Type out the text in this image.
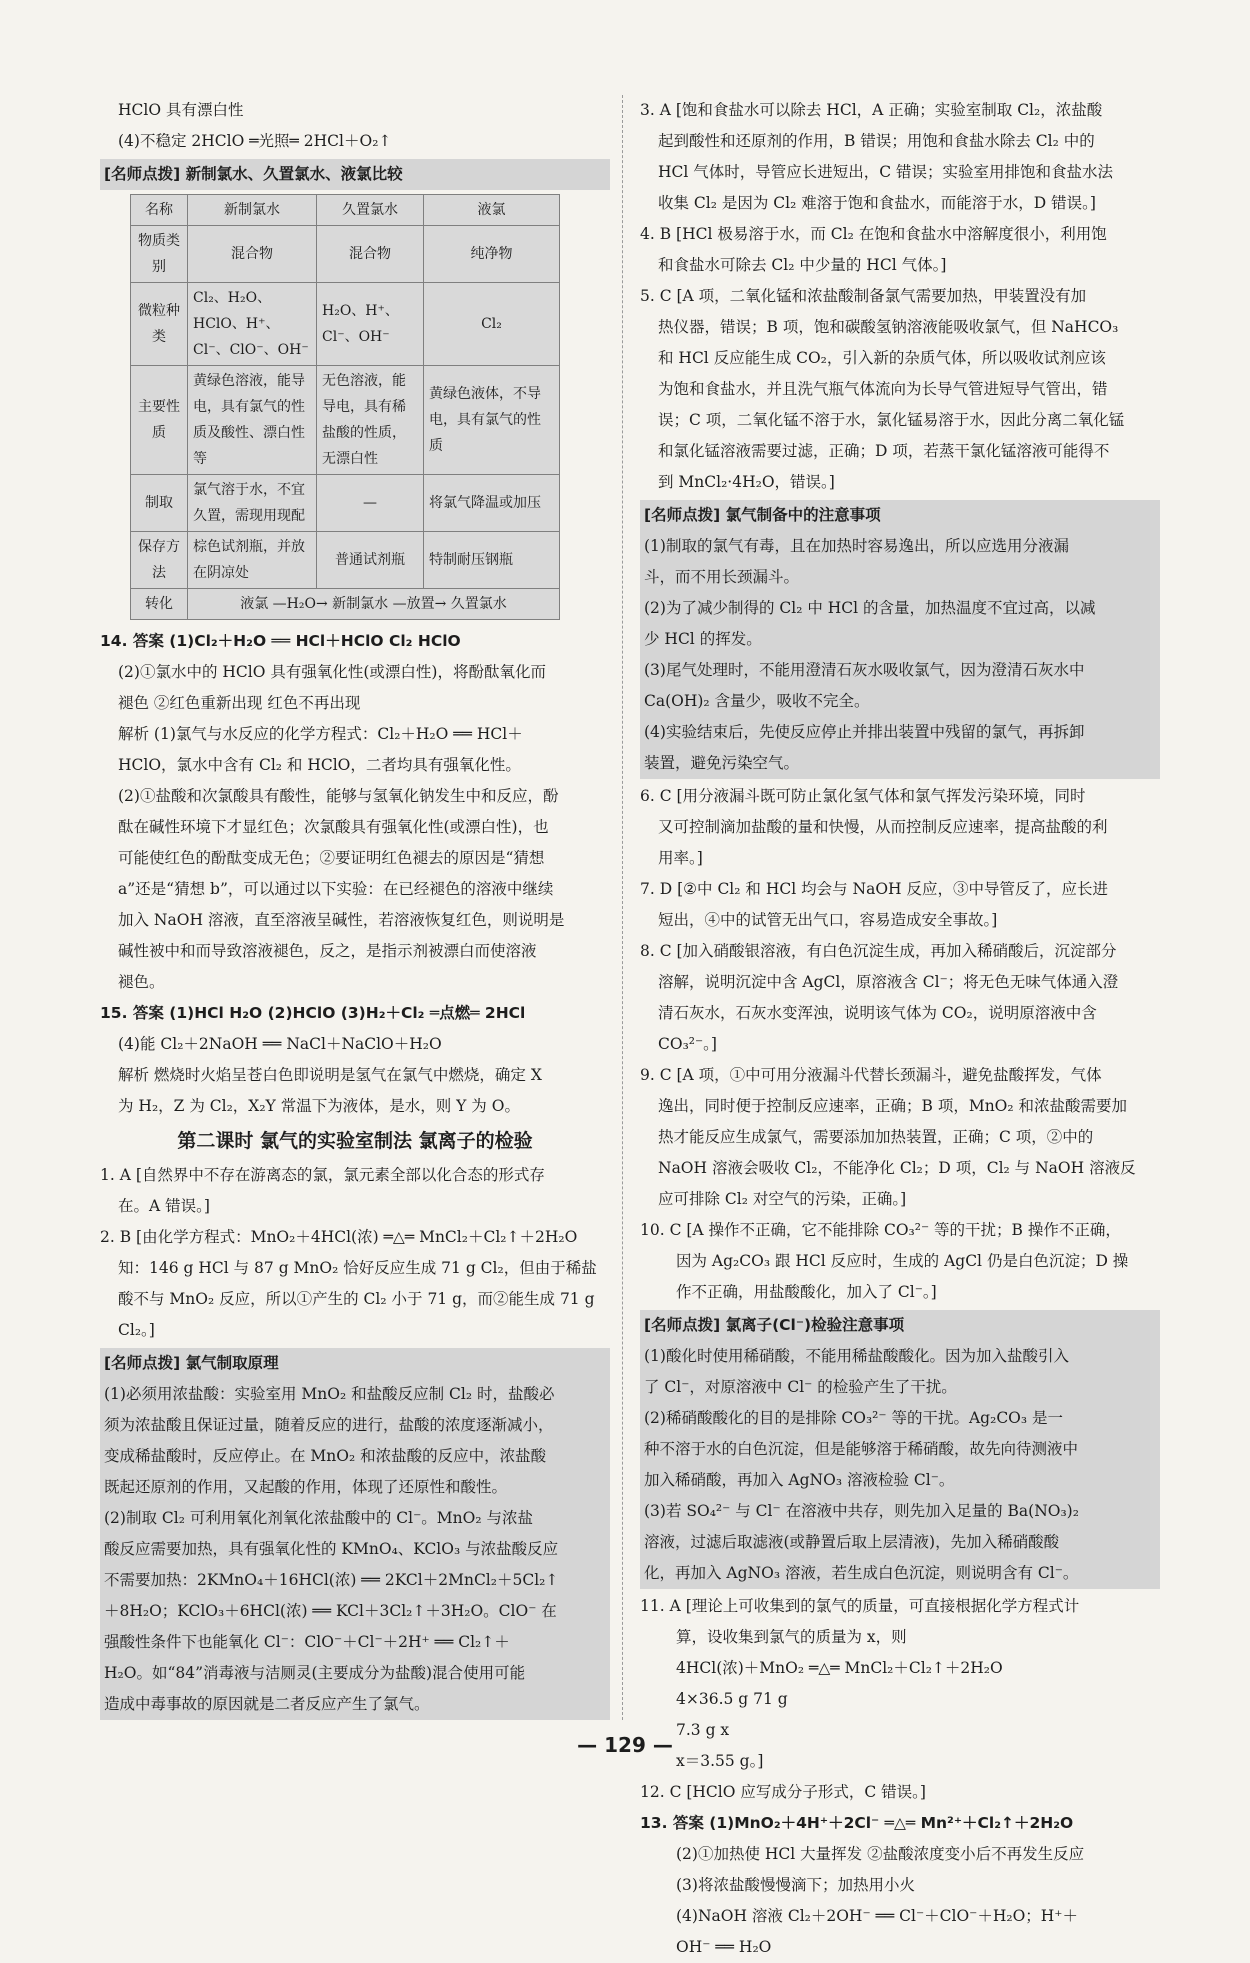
HClO 具有漂白性
(4)不稳定 2HClO ═光照═ 2HCl＋O₂↑
[名师点拨] 新制氯水、久置氯水、液氯比较
名称	新制氯水	久置氯水	液氯
物质类别	混合物	混合物	纯净物
微粒种类	Cl₂、H₂O、HClO、H⁺、Cl⁻、ClO⁻、OH⁻	H₂O、H⁺、Cl⁻、OH⁻	Cl₂
主要性质	黄绿色溶液，能导电，具有氯气的性质及酸性、漂白性等	无色溶液，能导电，具有稀盐酸的性质，无漂白性	黄绿色液体，不导电，具有氯气的性质
制取	氯气溶于水，不宜久置，需现用现配	—	将氯气降温或加压
保存方法	棕色试剂瓶，并放在阴凉处	普通试剂瓶	特制耐压钢瓶
转化	液氯 —H₂O→ 新制氯水 —放置→ 久置氯水		
14. 答案 (1)Cl₂＋H₂O ══ HCl＋HClO Cl₂ HClO
(2)①氯水中的 HClO 具有强氧化性(或漂白性)，将酚酞氧化而
褪色 ②红色重新出现 红色不再出现
解析 (1)氯气与水反应的化学方程式：Cl₂＋H₂O ══ HCl＋
HClO，氯水中含有 Cl₂ 和 HClO，二者均具有强氧化性。
(2)①盐酸和次氯酸具有酸性，能够与氢氧化钠发生中和反应，酚
酞在碱性环境下才显红色；次氯酸具有强氧化性(或漂白性)，也
可能使红色的酚酞变成无色；②要证明红色褪去的原因是“猜想
a”还是“猜想 b”，可以通过以下实验：在已经褪色的溶液中继续
加入 NaOH 溶液，直至溶液呈碱性，若溶液恢复红色，则说明是
碱性被中和而导致溶液褪色，反之，是指示剂被漂白而使溶液
褪色。
15. 答案 (1)HCl H₂O (2)HClO (3)H₂＋Cl₂ ═点燃═ 2HCl
(4)能 Cl₂＋2NaOH ══ NaCl＋NaClO＋H₂O
解析 燃烧时火焰呈苍白色即说明是氢气在氯气中燃烧，确定 X
为 H₂，Z 为 Cl₂，X₂Y 常温下为液体，是水，则 Y 为 O。
第二课时 氯气的实验室制法 氯离子的检验
1. A [自然界中不存在游离态的氯，氯元素全部以化合态的形式存
在。A 错误。]
2. B [由化学方程式：MnO₂＋4HCl(浓) ═△═ MnCl₂＋Cl₂↑＋2H₂O
知：146 g HCl 与 87 g MnO₂ 恰好反应生成 71 g Cl₂，但由于稀盐
酸不与 MnO₂ 反应，所以①产生的 Cl₂ 小于 71 g，而②能生成 71 g
Cl₂。]
[名师点拨] 氯气制取原理
(1)必须用浓盐酸：实验室用 MnO₂ 和盐酸反应制 Cl₂ 时，盐酸必
须为浓盐酸且保证过量，随着反应的进行，盐酸的浓度逐渐减小，
变成稀盐酸时，反应停止。在 MnO₂ 和浓盐酸的反应中，浓盐酸
既起还原剂的作用，又起酸的作用，体现了还原性和酸性。
(2)制取 Cl₂ 可利用氧化剂氧化浓盐酸中的 Cl⁻。MnO₂ 与浓盐
酸反应需要加热，具有强氧化性的 KMnO₄、KClO₃ 与浓盐酸反应
不需要加热：2KMnO₄＋16HCl(浓) ══ 2KCl＋2MnCl₂＋5Cl₂↑
＋8H₂O；KClO₃＋6HCl(浓) ══ KCl＋3Cl₂↑＋3H₂O。ClO⁻ 在
强酸性条件下也能氧化 Cl⁻：ClO⁻＋Cl⁻＋2H⁺ ══ Cl₂↑＋
H₂O。如“84”消毒液与洁厕灵(主要成分为盐酸)混合使用可能
造成中毒事故的原因就是二者反应产生了氯气。
3. A [饱和食盐水可以除去 HCl，A 正确；实验室制取 Cl₂，浓盐酸
起到酸性和还原剂的作用，B 错误；用饱和食盐水除去 Cl₂ 中的
HCl 气体时，导管应长进短出，C 错误；实验室用排饱和食盐水法
收集 Cl₂ 是因为 Cl₂ 难溶于饱和食盐水，而能溶于水，D 错误。]
4. B [HCl 极易溶于水，而 Cl₂ 在饱和食盐水中溶解度很小，利用饱
和食盐水可除去 Cl₂ 中少量的 HCl 气体。]
5. C [A 项，二氧化锰和浓盐酸制备氯气需要加热，甲装置没有加
热仪器，错误；B 项，饱和碳酸氢钠溶液能吸收氯气，但 NaHCO₃
和 HCl 反应能生成 CO₂，引入新的杂质气体，所以吸收试剂应该
为饱和食盐水，并且洗气瓶气体流向为长导气管进短导气管出，错
误；C 项，二氧化锰不溶于水，氯化锰易溶于水，因此分离二氧化锰
和氯化锰溶液需要过滤，正确；D 项，若蒸干氯化锰溶液可能得不
到 MnCl₂·4H₂O，错误。]
[名师点拨] 氯气制备中的注意事项
(1)制取的氯气有毒，且在加热时容易逸出，所以应选用分液漏
斗，而不用长颈漏斗。
(2)为了减少制得的 Cl₂ 中 HCl 的含量，加热温度不宜过高，以减
少 HCl 的挥发。
(3)尾气处理时，不能用澄清石灰水吸收氯气，因为澄清石灰水中
Ca(OH)₂ 含量少，吸收不完全。
(4)实验结束后，先使反应停止并排出装置中残留的氯气，再拆卸
装置，避免污染空气。
6. C [用分液漏斗既可防止氯化氢气体和氯气挥发污染环境，同时
又可控制滴加盐酸的量和快慢，从而控制反应速率，提高盐酸的利
用率。]
7. D [②中 Cl₂ 和 HCl 均会与 NaOH 反应，③中导管反了，应长进
短出，④中的试管无出气口，容易造成安全事故。]
8. C [加入硝酸银溶液，有白色沉淀生成，再加入稀硝酸后，沉淀部分
溶解，说明沉淀中含 AgCl，原溶液含 Cl⁻；将无色无味气体通入澄
清石灰水，石灰水变浑浊，说明该气体为 CO₂，说明原溶液中含
CO₃²⁻。]
9. C [A 项，①中可用分液漏斗代替长颈漏斗，避免盐酸挥发，气体
逸出，同时便于控制反应速率，正确；B 项，MnO₂ 和浓盐酸需要加
热才能反应生成氯气，需要添加加热装置，正确；C 项，②中的
NaOH 溶液会吸收 Cl₂，不能净化 Cl₂；D 项，Cl₂ 与 NaOH 溶液反
应可排除 Cl₂ 对空气的污染，正确。]
10. C [A 操作不正确，它不能排除 CO₃²⁻ 等的干扰；B 操作不正确，
因为 Ag₂CO₃ 跟 HCl 反应时，生成的 AgCl 仍是白色沉淀；D 操
作不正确，用盐酸酸化，加入了 Cl⁻。]
[名师点拨] 氯离子(Cl⁻)检验注意事项
(1)酸化时使用稀硝酸，不能用稀盐酸酸化。因为加入盐酸引入
了 Cl⁻，对原溶液中 Cl⁻ 的检验产生了干扰。
(2)稀硝酸酸化的目的是排除 CO₃²⁻ 等的干扰。Ag₂CO₃ 是一
种不溶于水的白色沉淀，但是能够溶于稀硝酸，故先向待测液中
加入稀硝酸，再加入 AgNO₃ 溶液检验 Cl⁻。
(3)若 SO₄²⁻ 与 Cl⁻ 在溶液中共存，则先加入足量的 Ba(NO₃)₂
溶液，过滤后取滤液(或静置后取上层清液)，先加入稀硝酸酸
化，再加入 AgNO₃ 溶液，若生成白色沉淀，则说明含有 Cl⁻。
11. A [理论上可收集到的氯气的质量，可直接根据化学方程式计
算，设收集到氯气的质量为 x，则
4HCl(浓)＋MnO₂ ═△═ MnCl₂＋Cl₂↑＋2H₂O
4×36.5 g 71 g
7.3 g x
x＝3.55 g。]
12. C [HClO 应写成分子形式，C 错误。]
13. 答案 (1)MnO₂＋4H⁺＋2Cl⁻ ═△═ Mn²⁺＋Cl₂↑＋2H₂O
(2)①加热使 HCl 大量挥发 ②盐酸浓度变小后不再发生反应
(3)将浓盐酸慢慢滴下；加热用小火
(4)NaOH 溶液 Cl₂＋2OH⁻ ══ Cl⁻＋ClO⁻＋H₂O；H⁺＋
OH⁻ ══ H₂O
— 129 —
